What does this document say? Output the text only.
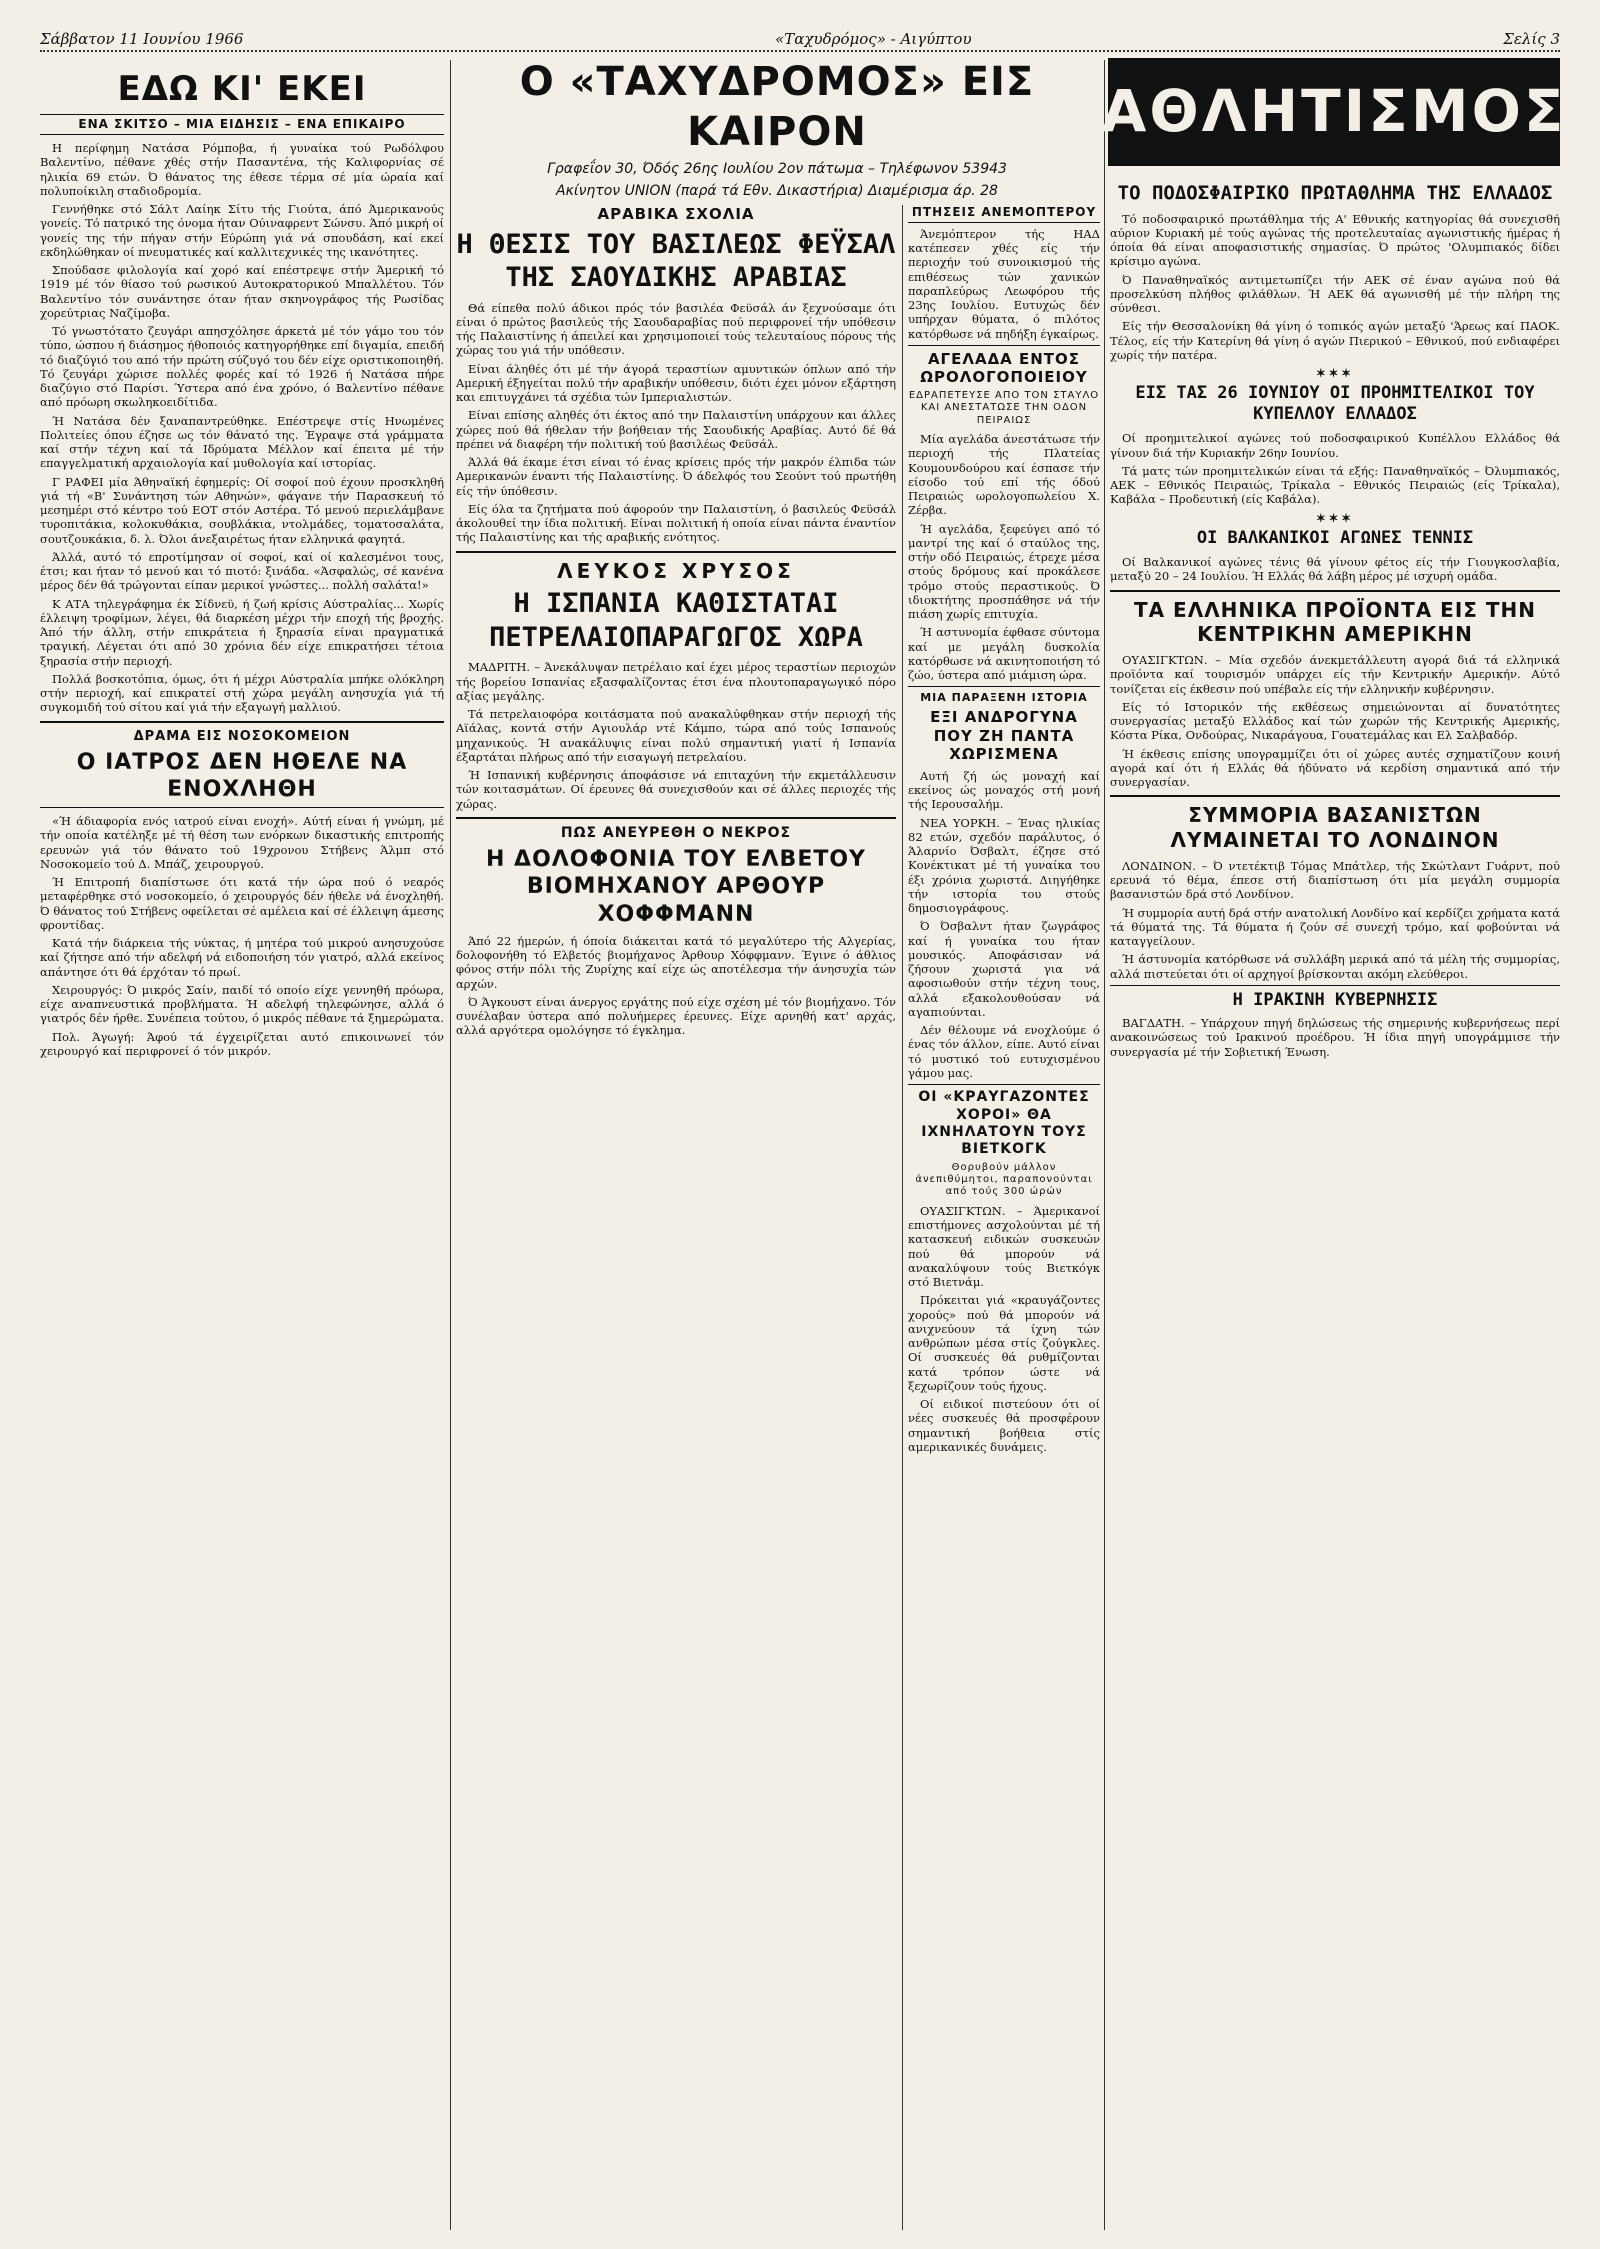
Σάββατον 11 Ιουνίου 1966	«Ταχυδρόμος» - Αιγύπτου	Σελίς 3
ΕΔΩ ΚΙ' ΕΚΕΙ
ΕΝΑ ΣΚΙΤΣΟ – ΜΙΑ ΕΙΔΗΣΙΣ – ΕΝΑ ΕΠΙΚΑΙΡΟ

Η περίφημη Νατάσα Ρόμποβα, ή γυναίκα τού Ρωδόλφου Βαλεντίνο, πέθανε χθές στήν Πασαντένα, τής Καλιφορνίας σέ ηλικία 69 ετών. Ό θάνατος της έθεσε τέρμα σέ μία ώραία καί πολυποίκιλη σταδιοδρομία.

Γεννήθηκε στό Σάλτ Λαίηκ Σίτυ τής Γιούτα, άπό Άμερικανούς γονείς. Τό πατρικό της όνομα ήταν Ούιναφρεντ Σώνσυ. Άπό μικρή οί γονείς της τήν πήγαν στήν Εύρώπη γιά νά σπουδάση, καί εκεί εκδηλώθηκαν οί πνευματικές καί καλλιτεχνικές της ικανότητες.

Σπούδασε φιλολογία καί χορό καί επέστρεψε στήν Άμερική τό 1919 μέ τόν θίασο τού ρωσικού Αυτοκρατορικού Μπαλλέτου. Τόν Βαλεντίνο τόν συνάντησε όταν ήταν σκηνογράφος τής Ρωσίδας χορεύτριας Ναζίμοβα.

Τό γνωστότατο ζευγάρι απησχόλησε άρκετά μέ τόν γάμο του τόν τύπο, ώσπου ή διάσημος ήθοποιός κατηγορήθηκε επί διγαμία, επειδή τό διαζύγιό του από τήν πρώτη σύζυγό του δέν είχε οριστικοποιηθή. Τό ζευγάρι χώρισε πολλές φορές καί τό 1926 ή Νατάσα πήρε διαζύγιο στό Παρίσι. Ύστερα από ένα χρόνο, ό Βαλεντίνο πέθανε από πρόωρη σκωληκοειδίτιδα.

Ή Νατάσα δέν ξαναπαντρεύθηκε. Επέστρεψε στίς Ηνωμένες Πολιτείες όπου έζησε ως τόν θάνατό της. Έγραψε στά γράμματα καί στήν τέχνη καί τά Ιδρύματα Μέλλον καί έπειτα μέ τήν επαγγελματική αρχαιολογία καί μυθολογία καί ιστορίας.

Γ ΡΑΦΕΙ μία Άθηναϊκή έφημερίς: Οί σοφοί πού έχουν προσκληθή γιά τή «Β' Συνάντηση τών Αθηνών», φάγανε τήν Παρασκευή τό μεσημέρι στό κέντρο τού ΕΟΤ στόν Αστέρα. Τό μενού περιελάμβανε τυροπιτάκια, κολοκυθάκια, σουβλάκια, ντολμάδες, τοματοσαλάτα, σουτζουκάκια, δ. λ. Όλοι άνεξαιρέτως ήταν ελληνικά φαγητά.

Άλλά, αυτό τό επροτίμησαν οί σοφοί, καί οί καλεσμένοι τους, έτσι; και ήταν τό μενού και τό πιοτό: ξινάδα. «Άσφαλώς, σέ κανένα μέρος δέν θά τρώγονται είπαν μερικοί γνώστες... πολλή σαλάτα!»

Κ ΑΤΑ τηλεγράφημα έκ Σίδνεϋ, ή ζωή κρίσις Αύστραλίας... Χωρίς έλλειψη τροφίμων, λέγει, θά διαρκέση μέχρι τήν εποχή τής βροχής. Άπό τήν άλλη, στήν επικράτεια ή ξηρασία είναι πραγματικά τραγική. Λέγεται ότι από 30 χρόνια δέν είχε επικρατήσει τέτοια ξηρασία στήν περιοχή.

Πολλά βοσκοτόπια, όμως, ότι ή μέχρι Αύστραλία μπήκε ολόκληρη στήν περιοχή, καί επικρατεί στή χώρα μεγάλη ανησυχία γιά τή συγκομιδή τού σίτου καί γιά τήν εξαγωγή μαλλιού.

ΔΡΑΜΑ ΕΙΣ ΝΟΣΟΚΟΜΕΙΟΝ
Ο ΙΑΤΡΟΣ ΔΕΝ ΗΘΕΛΕ ΝΑ ΕΝΟΧΛΗΘΗ

«Ή άδιαφορία ενός ιατρού είναι ενοχή». Αύτή είναι ή γνώμη, μέ τήν οποία κατέληξε μέ τή θέση των ενόρκων δικαστικής επιτροπής ερευνών γιά τόν θάνατο τού 19χρονου Στήβενς Άλμπ στό Νοσοκομείο τού Δ. Μπάζ, χειρουργού.

Ή Επιτροπή διαπίστωσε ότι κατά τήν ώρα πού ό νεαρός μεταφέρθηκε στό νοσοκομείο, ό χειρουργός δέν ήθελε νά ένοχληθή. Ό θάνατος τού Στήβενς οφείλεται σέ αμέλεια καί σέ έλλειψη άμεσης φροντίδας.

Κατά τήν διάρκεια τής νύκτας, ή μητέρα τού μικρού ανησυχούσε καί ζήτησε από τήν αδελφή νά ειδοποιήση τόν γιατρό, αλλά εκείνος απάντησε ότι θά έρχόταν τό πρωί.

Χειρουργός: Ό μικρός Σαίν, παιδί τό οποίο είχε γεννηθή πρόωρα, είχε αναπνευστικά προβλήματα. Ή αδελφή τηλεφώνησε, αλλά ό γιατρός δέν ήρθε. Συνέπεια τούτου, ό μικρός πέθανε τά ξημερώματα.

Πολ. Άγωγή: Άφού τά έγχειρίζεται αυτό επικοινωνεί τόν χειρουργό καί περιφρονεί ό τόν μικρόν.

Ο «ΤΑΧΥΔΡΟΜΟΣ» ΕΙΣ ΚΑΙΡΟΝ
Γραφεΐον 30, Όδός 26ης Ιουλίου 2ον πάτωμα – Τηλέφωνον 53943
Ακίνητον UNION (παρά τά Εθν. Δικαστήρια) Διαμέρισμα άρ. 28
ΑΡΑΒΙΚΑ ΣΧΟΛΙΑ
Η ΘΕΣΙΣ ΤΟΥ ΒΑΣΙΛΕΩΣ ΦΕΫΣΑΛ ΤΗΣ ΣΑΟΥΔΙΚΗΣ ΑΡΑΒΙΑΣ

Θά είπεθα πολύ άδικοι πρός τόν βασιλέα Φεϋσάλ άν ξεχνούσαμε ότι είναι ό πρώτος βασιλεύς τής Σαουδαραβίας πού περιφρονεί τήν υπόθεσιν τής Παλαιστίνης ή άπειλεί και χρησιμοποιεί τούς τελευταίους πόρους τής χώρας του γιά τήν υπόθεσιν.

Είναι άληθές ότι μέ τήν άγορά τεραστίων αμυντικών όπλων από τήν Αμερική έξηγείται πολύ τήν αραβικήν υπόθεσιν, διότι έχει μόνον εξάρτηση και επιτυγχάνει τά σχέδια τών Ιμπεριαλιστών.

Είναι επίσης αληθές ότι έκτος από την Παλαιστίνη υπάρχουν και άλλες χώρες πού θά ήθελαν τήν βοήθειαν τής Σαουδικής Αραβίας. Αυτό δέ θά πρέπει νά διαφέρη τήν πολιτική τού βασιλέως Φεϋσάλ.

Άλλά θά έκαμε έτσι είναι τό ένας κρίσεις πρός τήν μακρόν έλπιδα τών Αμερικανών έναντι τής Παλαιστίνης. Ό άδελφός του Σεούντ τού πρωτήθη είς τήν ύπόθεσιν.

Είς όλα τα ζητήματα πού άφορούν την Παλαιστίνη, ό βασιλεύς Φεϋσάλ άκολουθεί την ίδια πολιτική. Είναι πολιτική ή οποία είναι πάντα έναντίον τής Παλαιστίνης και τής αραβικής ενότητος.

ΛΕΥΚΟΣ ΧΡΥΣΟΣ
Η ΙΣΠΑΝΙΑ ΚΑΘΙΣΤΑΤΑΙ ΠΕΤΡΕΛΑΙΟΠΑΡΑΓΩΓΟΣ ΧΩΡΑ

ΜΑΔΡΙΤΗ. – Άνεκάλυψαν πετρέλαιο καί έχει μέρος τεραστίων περιοχών τής βορείου Ισπανίας εξασφαλίζοντας έτσι ένα πλουτοπαραγωγικό πόρο αξίας μεγάλης.

Τά πετρελαιοφόρα κοιτάσματα πού ανακαλύφθηκαν στήν περιοχή τής Αϊάλας, κοντά στήν Αγιουλάρ ντέ Κάμπο, τώρα από τούς Ισπανούς μηχανικούς. Ή ανακάλυψις είναι πολύ σημαντική γιατί ή Ισπανία έξαρτάται πλήρως από τήν εισαγωγή πετρελαίου.

Ή Ισπανική κυβέρνησις άποφάσισε νά επιταχύνη τήν εκμετάλλευσιν τών κοιτασμάτων. Οί έρευνες θά συνεχισθούν και σέ άλλες περιοχές τής χώρας.

ΠΩΣ ΑΝΕΥΡΕΘΗ Ο ΝΕΚΡΟΣ
Η ΔΟΛΟΦΟΝΙΑ ΤΟΥ ΕΛΒΕΤΟΥ ΒΙΟΜΗΧΑΝΟΥ ΑΡΘΟΥΡ ΧΟΦΦΜΑΝΝ

Άπό 22 ήμερών, ή όποία διάκειται κατά τό μεγαλύτερο τής Αλγερίας, δολοφονήθη τό Ελβετός βιομήχανος Άρθουρ Χόφφμανν. Έγινε ό άθλιος φόνος στήν πόλι τής Ζυρίχης καί είχε ώς αποτέλεσμα τήν άνησυχία τών αρχών.

Ό Άγκουστ είναι άνεργος εργάτης πού είχε σχέση μέ τόν βιομήχανο. Τόν συνέλαβαν ύστερα από πολυήμερες έρευνες. Είχε αρνηθή κατ' αρχάς, αλλά αργότερα ομολόγησε τό έγκλημα.

ΠΤΗΣΕΙΣ ΑΝΕΜΟΠΤΕΡΟΥ

Άνεμόπτερον τής ΗΑΔ κατέπεσεν χθές είς τήν περιοχήν τού συνοικισμού τής επιθέσεως τών χανικών παραπλεύρως Λεωφόρου τής 23ης Ιουλίου. Ευτυχώς δέν υπήρχαν θύματα, ό πιλότος κατόρθωσε νά πηδήξη έγκαίρως.

ΑΓΕΛΑΔΑ ΕΝΤΟΣ ΩΡΟΛΟΓΟΠΟΙΕΙΟΥ
ΕΔΡΑΠΕΤΕΥΣΕ ΑΠΟ ΤΟΝ ΣΤΑΥΛΟ ΚΑΙ ΑΝΕΣΤΑΤΩΣΕ ΤΗΝ ΟΔΟΝ ΠΕΙΡΑΙΩΣ

Μία αγελάδα άνεστάτωσε τήν περιοχή τής Πλατείας Κουμουνδούρου καί έσπασε τήν είσοδο τού επί τής όδού Πειραιώς ωρολογοπωλείου Χ. Ζέρβα.

Ή αγελάδα, ξεφεύγει από τό μαντρί της καί ό σταύλος της, στήν οδό Πειραιώς, έτρεχε μέσα στούς δρόμους καί προκάλεσε τρόμο στούς περαστικούς. Ό ιδιοκτήτης προσπάθησε νά τήν πιάση χωρίς επιτυχία.

Ή αστυνομία έφθασε σύντομα καί με μεγάλη δυσκολία κατόρθωσε νά ακινητοποιήση τό ζώο, ύστερα από μιάμιση ώρα.

ΜΙΑ ΠΑΡΑΞΕΝΗ ΙΣΤΟΡΙΑ
ΕΞΙ ΑΝΔΡΟΓΥΝΑ ΠΟΥ ΖΗ ΠΑΝΤΑ ΧΩΡΙΣΜΕΝΑ

Αυτή ζή ώς μοναχή καί εκείνος ώς μοναχός στή μονή τής Ιερουσαλήμ.

ΝΕΑ ΥΟΡΚΗ. – Ένας ηλικίας 82 ετών, σχεδόν παράλυτος, ό Άλαρνίο Όσβαλτ, έζησε στό Κονέκτικατ μέ τή γυναίκα του έξι χρόνια χωριστά. Διηγήθηκε τήν ιστορία του στούς δημοσιογράφους.

Ό Όσβαλντ ήταν ζωγράφος καί ή γυναίκα του ήταν μουσικός. Αποφάσισαν νά ζήσουν χωριστά για νά αφοσιωθούν στήν τέχνη τους, αλλά εξακολουθούσαν νά αγαπιούνται.

Δέν θέλουμε νά ενοχλούμε ό ένας τόν άλλον, είπε. Αυτό είναι τό μυστικό τού ευτυχισμένου γάμου μας.

ΟΙ «ΚΡΑΥΓΑΖΟΝΤΕΣ ΧΟΡΟΙ» ΘΑ ΙΧΝΗΛΑΤΟΥΝ ΤΟΥΣ ΒΙΕΤΚΟΓΚ
Θορυβούν μάλλον άνεπιθύμητοι, παραπονούνται από τούς 300 ώρών

ΟΥΑΣΙΓΚΤΩΝ. – Άμερικανοί επιστήμονες ασχολούνται μέ τή κατασκευή ειδικών συσκευών πού θά μπορούν νά ανακαλύψουν τούς Βιετκόγκ στό Βιετνάμ.

Πρόκειται γιά «κραυγάζοντες χορούς» πού θά μπορούν νά ανιχνεύουν τά ίχνη τών ανθρώπων μέσα στίς ζούγκλες. Οί συσκευές θά ρυθμίζονται κατά τρόπον ώστε νά ξεχωρίζουν τούς ήχους.

Οί ειδικοί πιστεύουν ότι οί νέες συσκευές θά προσφέρουν σημαντική βοήθεια στίς αμερικανικές δυνάμεις.

ΑΘΛΗΤΙΣΜΟΣ
ΤΟ ΠΟΔΟΣΦΑΙΡΙΚΟ ΠΡΩΤΑΘΛΗΜΑ ΤΗΣ ΕΛΛΑΔΟΣ

Τό ποδοσφαιρικό πρωτάθλημα τής Α' Εθνικής κατηγορίας θά συνεχισθή αύριον Κυριακή μέ τούς αγώνας τής προτελευταίας αγωνιστικής ήμέρας ή όποία θά είναι αποφασιστικής σημασίας. Ό πρώτος 'Ολυμπιακός δίδει κρίσιμο αγώνα.

Ό Παναθηναϊκός αντιμετωπίζει τήν ΑΕΚ σέ έναν αγώνα πού θά προσελκύση πλήθος φιλάθλων. Ή ΑΕΚ θά αγωνισθή μέ τήν πλήρη της σύνθεσι.

Είς τήν Θεσσαλονίκη θά γίνη ό τοπικός αγών μεταξύ 'Άρεως καί ΠΑΟΚ. Τέλος, είς τήν Κατερίνη θά γίνη ό αγών Πιερικού – Εθνικού, πού ενδιαφέρει χωρίς τήν πατέρα.

✶✶✶
ΕΙΣ ΤΑΣ 26 ΙΟΥΝΙΟΥ ΟΙ ΠΡΟΗΜΙΤΕΛΙΚΟΙ ΤΟΥ ΚΥΠΕΛΛΟΥ ΕΛΛΑΔΟΣ

Οί προημιτελικοί αγώνες τού ποδοσφαιρικού Κυπέλλου Ελλάδος θά γίνουν διά τήν Κυριακήν 26ην Ιουνίου.

Τά ματς τών προημιτελικών είναι τά εξής: Παναθηναϊκός – Όλυμπιακός, ΑΕΚ – Εθνικός Πειραιώς, Τρίκαλα – Εθνικός Πειραιώς (είς Τρίκαλα), Καβάλα – Προδευτική (είς Καβάλα).

✶✶✶
ΟΙ ΒΑΛΚΑΝΙΚΟΙ ΑΓΩΝΕΣ ΤΕΝΝΙΣ

Οί Βαλκανικοί αγώνες τένις θά γίνουν φέτος είς τήν Γιουγκοσλαβία, μεταξύ 20 – 24 Ιουλίου. Ή Ελλάς θά λάβη μέρος μέ ισχυρή ομάδα.

ΤΑ ΕΛΛΗΝΙΚΑ ΠΡΟΪΟΝΤΑ ΕΙΣ ΤΗΝ ΚΕΝΤΡΙΚΗΝ ΑΜΕΡΙΚΗΝ

ΟΥΑΣΙΓΚΤΩΝ. – Μία σχεδόν άνεκμετάλλευτη αγορά διά τά ελληνικά προϊόντα καί τουρισμόν υπάρχει είς τήν Κεντρικήν Αμερικήν. Αύτό τονίζεται είς έκθεσιν πού υπέβαλε είς τήν ελληνικήν κυβέρνησιν.

Είς τό Ιστορικόν τής εκθέσεως σημειώνονται αί δυνατότητες συνεργασίας μεταξύ Ελλάδος καί τών χωρών τής Κεντρικής Αμερικής, Κόστα Ρίκα, Ονδούρας, Νικαράγουα, Γουατεμάλας και Ελ Σαλβαδόρ.

Ή έκθεσις επίσης υπογραμμίζει ότι οί χώρες αυτές σχηματίζουν κοινή αγορά καί ότι ή Ελλάς θά ήδύνατο νά κερδίση σημαντικά από τήν συνεργασίαν.

ΣΥΜΜΟΡΙΑ ΒΑΣΑΝΙΣΤΩΝ ΛΥΜΑΙΝΕΤΑΙ ΤΟ ΛΟΝΔΙΝΟΝ

ΛΟΝΔΙΝΟΝ. – Ό ντετέκτιβ Τόμας Μπάτλερ, τής Σκώτλαντ Γυάρντ, πού ερευνά τό θέμα, έπεσε στή διαπίστωση ότι μία μεγάλη συμμορία βασανιστών δρά στό Λονδίνον.

Ή συμμορία αυτή δρά στήν ανατολική Λονδίνο καί κερδίζει χρήματα κατά τά θύματά της. Τά θύματα ή ζούν σέ συνεχή τρόμο, καί φοβούνται νά καταγγείλουν.

Ή άστυνομία κατόρθωσε νά συλλάβη μερικά από τά μέλη τής συμμορίας, αλλά πιστεύεται ότι οί αρχηγοί βρίσκονται ακόμη ελεύθεροι.

Η ΙΡΑΚΙΝΗ ΚΥΒΕΡΝΗΣΙΣ

ΒΑΓΔΑΤΗ. – Υπάρχουν πηγή δηλώσεως τής σημερινής κυβερνήσεως περί ανακοινώσεως τού Ιρακινού προέδρου. Ή ίδια πηγή υπογράμμισε τήν συνεργασία μέ τήν Σοβιετική Ένωση.
